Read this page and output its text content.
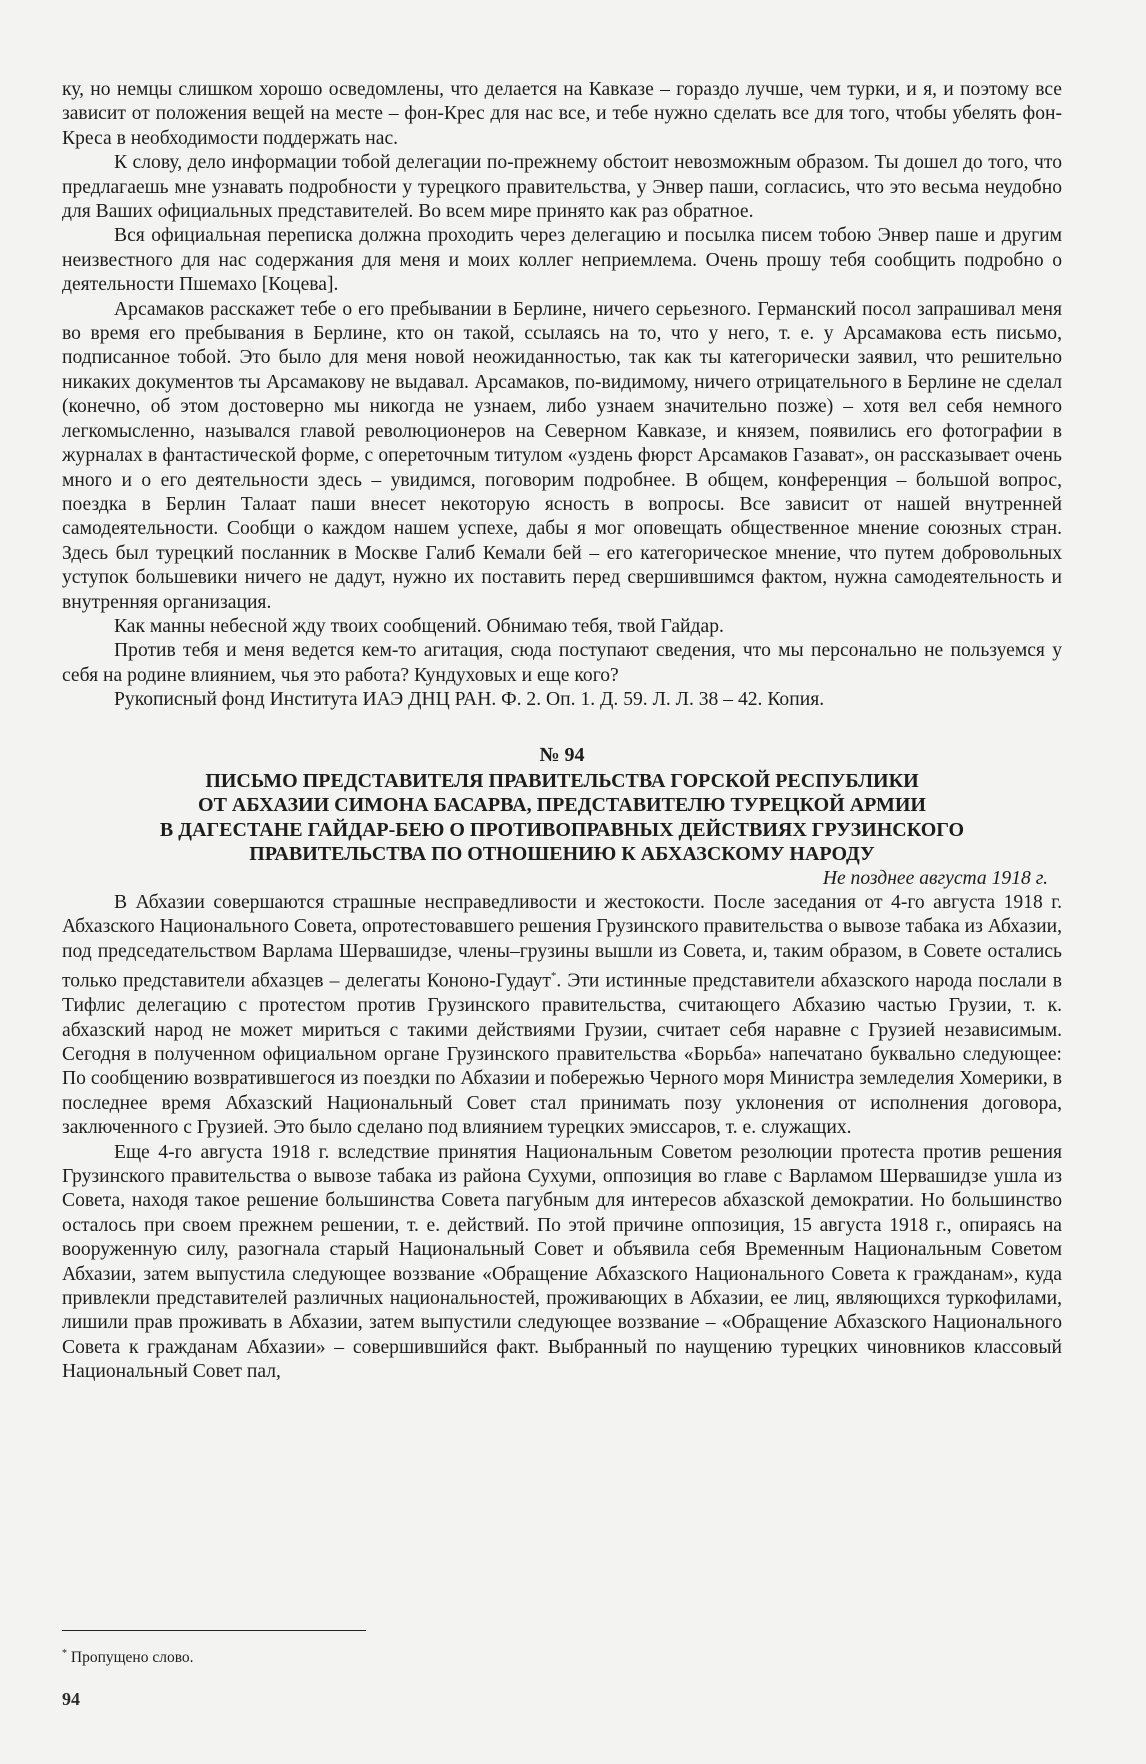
ку, но немцы слишком хорошо осведомлены, что делается на Кавказе – гораздо лучше, чем турки, и я, и поэтому все зависит от положения вещей на месте – фон-Крес для нас все, и тебе нужно сделать все для того, чтобы убелять фон-Креса в необходимости поддержать нас.

К слову, дело информации тобой делегации по-прежнему обстоит невозможным образом. Ты дошел до того, что предлагаешь мне узнавать подробности у турецкого правительства, у Энвер паши, согласись, что это весьма неудобно для Ваших официальных представителей. Во всем мире принято как раз обратное.

Вся официальная переписка должна проходить через делегацию и посылка писем тобою Энвер паше и другим неизвестного для нас содержания для меня и моих коллег неприемлема. Очень прошу тебя сообщить подробно о деятельности Пшемахо [Коцева].

Арсамаков расскажет тебе о его пребывании в Берлине, ничего серьезного. Германский посол запрашивал меня во время его пребывания в Берлине, кто он такой, ссылаясь на то, что у него, т. е. у Арсамакова есть письмо, подписанное тобой. Это было для меня новой неожиданностью, так как ты категорически заявил, что решительно никаких документов ты Арсамакову не выдавал. Арсамаков, по-видимому, ничего отрицательного в Берлине не сделал (конечно, об этом достоверно мы никогда не узнаем, либо узнаем значительно позже) – хотя вел себя немного легкомысленно, назывался главой революционеров на Северном Кавказе, и князем, появились его фотографии в журналах в фантастической форме, с опереточным титулом «уздень фюрст Арсамаков Газават», он рассказывает очень много и о его деятельности здесь – увидимся, поговорим подробнее. В общем, конференция – большой вопрос, поездка в Берлин Талаат паши внесет некоторую ясность в вопросы. Все зависит от нашей внутренней самодеятельности. Сообщи о каждом нашем успехе, дабы я мог оповещать общественное мнение союзных стран. Здесь был турецкий посланник в Москве Галиб Кемали бей – его категорическое мнение, что путем добровольных уступок большевики ничего не дадут, нужно их поставить перед свершившимся фактом, нужна самодеятельность и внутренняя организация.

Как манны небесной жду твоих сообщений. Обнимаю тебя, твой Гайдар.

Против тебя и меня ведется кем-то агитация, сюда поступают сведения, что мы персонально не пользуемся у себя на родине влиянием, чья это работа? Кундуховых и еще кого?

Рукописный фонд Института ИАЭ ДНЦ РАН. Ф. 2. Оп. 1. Д. 59. Л. Л. 38 – 42. Копия.

№ 94
ПИСЬМО ПРЕДСТАВИТЕЛЯ ПРАВИТЕЛЬСТВА ГОРСКОЙ РЕСПУБЛИКИ
ОТ АБХАЗИИ СИМОНА БАСАРВА, ПРЕДСТАВИТЕЛЮ ТУРЕЦКОЙ АРМИИ
В ДАГЕСТАНЕ ГАЙДАР-БЕЮ О ПРОТИВОПРАВНЫХ ДЕЙСТВИЯХ ГРУЗИНСКОГО
ПРАВИТЕЛЬСТВА ПО ОТНОШЕНИЮ К АБХАЗСКОМУ НАРОДУ
Не позднее августа 1918 г.

В Абхазии совершаются страшные несправедливости и жестокости. После заседания от 4-го августа 1918 г. Абхазского Национального Совета, опротестовавшего решения Грузинского правительства о вывозе табака из Абхазии, под председательством Варлама Шервашидзе, члены–грузины вышли из Совета, и, таким образом, в Совете остались только представители абхазцев – делегаты Кононо-Гудаут*. Эти истинные представители абхазского народа послали в Тифлис делегацию с протестом против Грузинского правительства, считающего Абхазию частью Грузии, т. к. абхазский народ не может мириться с такими действиями Грузии, считает себя наравне с Грузией независимым. Сегодня в полученном официальном органе Грузинского правительства «Борьба» напечатано буквально следующее: По сообщению возвратившегося из поездки по Абхазии и побережью Черного моря Министра земледелия Хомерики, в последнее время Абхазский Национальный Совет стал принимать позу уклонения от исполнения договора, заключенного с Грузией. Это было сделано под влиянием турецких эмиссаров, т. е. служащих.

Еще 4-го августа 1918 г. вследствие принятия Национальным Советом резолюции протеста против решения Грузинского правительства о вывозе табака из района Сухуми, оппозиция во главе с Варламом Шервашидзе ушла из Совета, находя такое решение большинства Совета пагубным для интересов абхазской демократии. Но большинство осталось при своем прежнем решении, т. е. действий. По этой причине оппозиция, 15 августа 1918 г., опираясь на вооруженную силу, разогнала старый Национальный Совет и объявила себя Временным Национальным Советом Абхазии, затем выпустила следующее воззвание «Обращение Абхазского Национального Совета к гражданам», куда привлекли представителей различных национальностей, проживающих в Абхазии, ее лиц, являющихся туркофилами, лишили прав проживать в Абхазии, затем выпустили следующее воззвание – «Обращение Абхазского Национального Совета к гражданам Абхазии» – совершившийся факт. Выбранный по наущению турецких чиновников классовый Национальный Совет пал,

* Пропущено слово.
94
